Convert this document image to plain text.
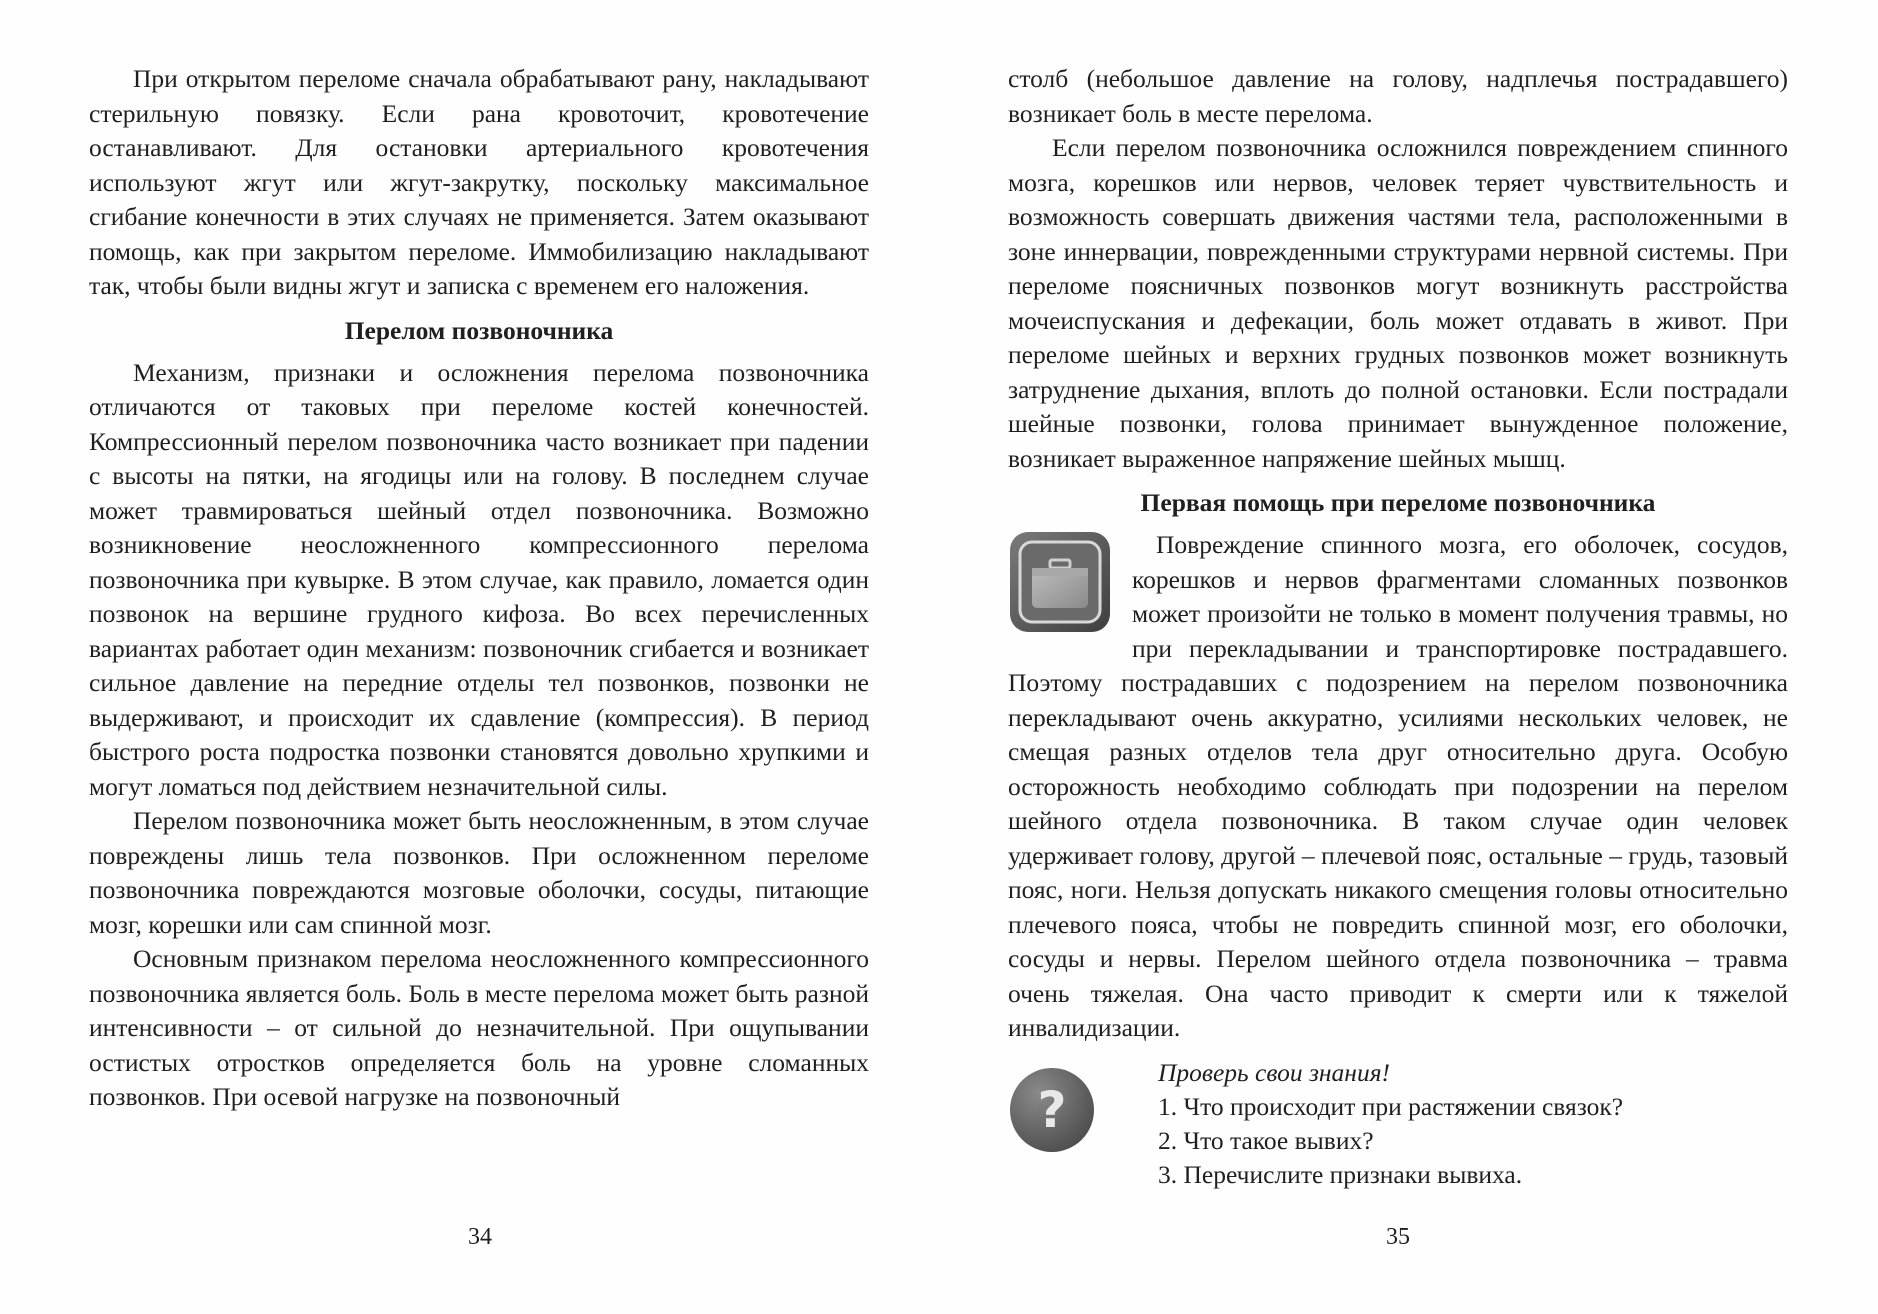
При открытом переломе сначала обрабатывают рану, накладывают стерильную повязку. Если рана кровоточит, кровотечение останавливают. Для остановки артериального кровотечения используют жгут или жгут-закрутку, поскольку максимальное сгибание конечности в этих случаях не применяется. Затем оказывают помощь, как при закрытом переломе. Иммобилизацию накладывают так, чтобы были видны жгут и записка с временем его наложения.

Перелом позвоночника

Механизм, признаки и осложнения перелома позвоночника отличаются от таковых при переломе костей конечностей. Компрессионный перелом позвоночника часто возникает при падении с высоты на пятки, на ягодицы или на голову. В последнем случае может травмироваться шейный отдел позвоночника. Возможно возникновение неосложненного компрессионного перелома позвоночника при кувырке. В этом случае, как правило, ломается один позвонок на вершине грудного кифоза. Во всех перечисленных вариантах работает один механизм: позвоночник сгибается и возникает сильное давление на передние отделы тел позвонков, позвонки не выдерживают, и происходит их сдавление (компрессия). В период быстрого роста подростка позвонки становятся довольно хрупкими и могут ломаться под действием незначительной силы.

Перелом позвоночника может быть неосложненным, в этом случае повреждены лишь тела позвонков. При осложненном переломе позвоночника повреждаются мозговые оболочки, сосуды, питающие мозг, корешки или сам спинной мозг.

Основным признаком перелома неосложненного компрессионного позвоночника является боль. Боль в месте перелома может быть разной интенсивности – от сильной до незначительной. При ощупывании остистых отростков определяется боль на уровне сломанных позвонков. При осевой нагрузке на позвоночный

34

столб (небольшое давление на голову, надплечья пострадавшего) возникает боль в месте перелома.

Если перелом позвоночника осложнился повреждением спинного мозга, корешков или нервов, человек теряет чувствительность и возможность совершать движения частями тела, расположенными в зоне иннервации, поврежденными структурами нервной системы. При переломе поясничных позвонков могут возникнуть расстройства мочеиспускания и дефекации, боль может отдавать в живот. При переломе шейных и верхних грудных позвонков может возникнуть затруднение дыхания, вплоть до полной остановки. Если пострадали шейные позвонки, голова принимает вынужденное положение, возникает выраженное напряжение шейных мышц.

Первая помощь при переломе позвоночника

Повреждение спинного мозга, его оболочек, сосудов, корешков и нервов фрагментами сломанных позвонков может произойти не только в момент получения травмы, но при перекладывании и транспортировке пострадавшего. Поэтому пострадавших с подозрением на перелом позвоночника перекладывают очень аккуратно, усилиями нескольких человек, не смещая разных отделов тела друг относительно друга. Особую осторожность необходимо соблюдать при подозрении на перелом шейного отдела позвоночника. В таком случае один человек удерживает голову, другой – плечевой пояс, остальные – грудь, тазовый пояс, ноги. Нельзя допускать никакого смещения головы относительно плечевого пояса, чтобы не повредить спинной мозг, его оболочки, сосуды и нервы. Перелом шейного отдела позвоночника – травма очень тяжелая. Она часто приводит к смерти или к тяжелой инвалидизации.

?
Проверь свои знания!
1. Что происходит при растяжении связок?
2. Что такое вывих?
3. Перечислите признаки вывиха.
35
